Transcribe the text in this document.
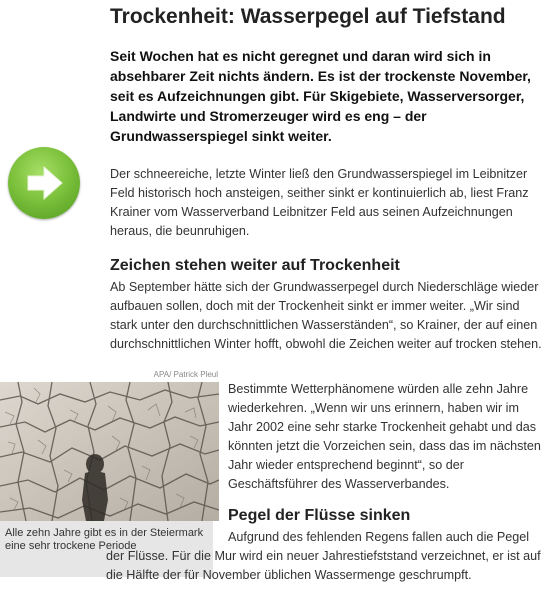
Trockenheit: Wasserpegel auf Tiefstand

Seit Wochen hat es nicht geregnet und daran wird sich in absehbarer Zeit nichts ändern. Es ist der trockenste November, seit es Aufzeichnungen gibt. Für Skigebiete, Wasserversorger, Landwirte und Stromerzeuger wird es eng – der Grundwasserspiegel sinkt weiter.

Der schneereiche, letzte Winter ließ den Grundwasserspiegel im Leibnitzer Feld historisch hoch ansteigen, seither sinkt er kontinuierlich ab, liest Franz Krainer vom Wasserverband Leibnitzer Feld aus seinen Aufzeichnungen heraus, die beunruhigen.

Zeichen stehen weiter auf Trockenheit

Ab September hätte sich der Grundwasserpegel durch Niederschläge wieder aufbauen sollen, doch mit der Trockenheit sinkt er immer weiter. „Wir sind stark unter den durchschnittlichen Wasserständen“, so Krainer, der auf einen durchschnittlichen Winter hofft, obwohl die Zeichen weiter auf trocken stehen.

APA/ Patrick Pleul
Alle zehn Jahre gibt es in der Steiermark eine sehr trockene Periode

Bestimmte Wetterphänomene würden alle zehn Jahre wiederkehren. „Wenn wir uns erinnern, haben wir im Jahr 2002 eine sehr starke Trockenheit gehabt und das könnten jetzt die Vorzeichen sein, dass das im nächsten Jahr wieder entsprechend beginnt“, so der Geschäftsführer des Wasserverbandes.

Pegel der Flüsse sinken

Aufgrund des fehlenden Regens fallen auch die Pegel der Flüsse. Für die Mur wird ein neuer Jahrestiefststand verzeichnet, er ist auf die Hälfte der für November üblichen Wassermenge geschrumpft.
